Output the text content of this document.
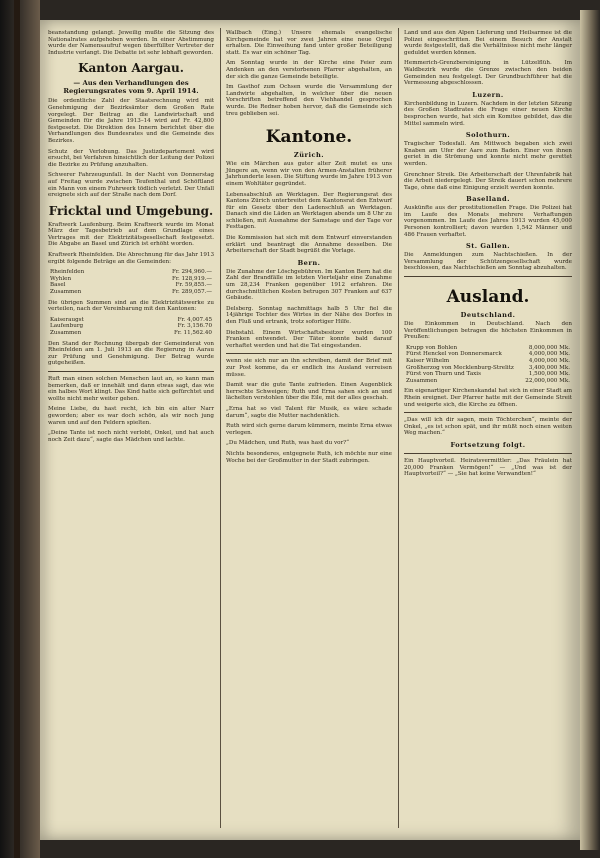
beanstandung gelangt. Jeweilig mußte die Sitzung des Nationalrates aufgehoben werden. In einer Abstimmung wurde der Namensaufruf wegen überfüllter Vertreter der Industrie verlangt. Die Debatte ist sehr lebhaft geworden.

Kanton Aargau.
— Aus den Verhandlungen des Regierungsrates vom 9. April 1914.

Die ordentliche Zahl der Staatsrechnung wird mit Genehmigung der Bezirksämter dem Großen Rate vorgelegt. Der Beitrag an die Landwirtschaft und Gemeinden für die Jahre 1913–14 wird auf Fr. 42,800 festgesetzt. Die Direktion des Innern berichtet über die Verhandlungen des Bundesrates und die Gemeinde des Bezirkes.

Schutz der Verlobung. Das Justizdepartement wird ersucht, bei Verfahren hinsichtlich der Leitung der Polizei die Bezirke zu Prüfung anzuhalten.

Schwerer Fahrzeugunfall. In der Nacht von Donnerstag auf Freitag wurde zwischen Teufenthal und Schöftland ein Mann von einem Fuhrwerk tödlich verletzt. Der Unfall ereignete sich auf der Straße nach dem Dorf.

Fricktal und Umgebung.

Kraftwerk Laufenburg. Beim Kraftwerk wurde im Monat März der Tagesbetrieb auf dem Grundlage eines Vertrages mit der Elektrizitätsgesellschaft festgesetzt. Die Abgabe an Basel und Zürich ist erhöht worden.

Kraftwerk Rheinfelden. Die Abrechnung für das Jahr 1913 ergibt folgende Beträge an die Gemeinden:

Rheinfelden	Fr. 294,960.—
Wyhlen	Fr. 128,919.—
Basel	Fr. 59,855.—
Zusammen	Fr. 289,057.—

Die übrigen Summen sind an die Elektrizitätswerke zu verteilen, nach der Vereinbarung mit den Kantonen:

Kaiseraugst	Fr. 4,007.45
Laufenburg	Fr. 3,156.70
Zusammen	Fr. 11,562.40

Den Stand der Rechnung übergab der Gemeinderat von Rheinfelden am 1. Juli 1913 an die Regierung in Aarau zur Prüfung und Genehmigung. Der Betrag wurde gutgeheißen.

Ruft man einen solchen Menschen laut an, so kann man bemerken, daß er innehält und dann etwas sagt, das wie ein halbes Wort klingt. Das Kind hatte sich gefürchtet und wollte nicht mehr weiter gehen.

Meine Liebe, du hast recht, ich bin ein alter Narr geworden; aber es war doch schön, als wir noch jung waren und auf den Feldern spielten.

„Deine Tante ist noch nicht verlobt, Onkel, und hat auch noch Zeit dazu“, sagte das Mädchen und lachte.

Wallbach (Eing.) Unsere ehemals evangelische Kirchgemeinde hat vor zwei Jahren eine neue Orgel erhalten. Die Einweihung fand unter großer Beteiligung statt. Es war ein schöner Tag.

Am Sonntag wurde in der Kirche eine Feier zum Andenken an den verstorbenen Pfarrer abgehalten, an der sich die ganze Gemeinde beteiligte.

Im Gasthof zum Ochsen wurde die Versammlung der Landwirte abgehalten, in welcher über die neuen Vorschriften betreffend den Viehhandel gesprochen wurde. Die Redner hoben hervor, daß die Gemeinde sich treu geblieben sei.

Kantone.
Zürich.

Wie ein Märchen aus guter alter Zeit mutet es uns Jüngere an, wenn wir von den Armen-Anstalten früherer Jahrhunderte lesen. Die Stiftung wurde im Jahre 1913 von einem Wohltäter gegründet.

Lebensabschluß an Werktagen. Der Regierungsrat des Kantons Zürich unterbreitet dem Kantonsrat den Entwurf für ein Gesetz über den Ladenschluß an Werktagen. Danach sind die Läden an Werktagen abends um 8 Uhr zu schließen, mit Ausnahme der Samstage und der Tage vor Festtagen.

Die Kommission hat sich mit dem Entwurf einverstanden erklärt und beantragt die Annahme desselben. Die Arbeiterschaft der Stadt begrüßt die Vorlage.

Bern.

Die Zunahme der Löschgebühren. Im Kanton Bern hat die Zahl der Brandfälle im letzten Vierteljahr eine Zunahme um 28,234 Franken gegenüber 1912 erfahren. Die durchschnittlichen Kosten betrugen 307 Franken auf 637 Gebäude.

Delsberg. Sonntag nachmittags halb 5 Uhr fiel die 14jährige Tochter des Wirtes in der Nähe des Dorfes in den Fluß und ertrank, trotz sofortiger Hilfe.

Diebstahl. Einem Wirtschaftsbesitzer wurden 100 Franken entwendet. Der Täter konnte bald darauf verhaftet werden und hat die Tat eingestanden.

wenn sie sich nur an ihn schreiben, damit der Brief mit zur Post komme, da er endlich ins Ausland verreisen müsse.

Damit war die gute Tante zufrieden. Einen Augenblick herrschte Schweigen; Ruth und Erna sahen sich an und lächelten verstohlen über die Eile, mit der alles geschah.

„Erna hat so viel Talent für Musik, es wäre schade darum“, sagte die Mutter nachdenklich.

Ruth wird sich gerne darum kümmern, meinte Erna etwas verlegen.

„Du Mädchen, und Ruth, was hast du vor?“

Nichts besonderes, entgegnete Ruth, ich möchte nur eine Woche bei der Großmutter in der Stadt zubringen.

Land und aus den Alpen Lieferung und Heilsarmee ist die Polizei eingeschritten. Bei einem Besuch der Anstalt wurde festgestellt, daß die Verhältnisse nicht mehr länger geduldet werden können.

Hemmerich-Grenzbereinigung in Lützelflüh. Im Waldbezirk wurde die Grenze zwischen den beiden Gemeinden neu festgelegt. Der Grundbuchführer hat die Vermessung abgeschlossen.

Luzern.

Kirchenbildung in Luzern. Nachdem in der letzten Sitzung des Großen Stadtrates die Frage einer neuen Kirche besprochen wurde, hat sich ein Komitee gebildet, das die Mittel sammeln wird.

Solothurn.

Tragischer Todesfall. Am Mittwoch begaben sich zwei Knaben am Ufer der Aare zum Baden. Einer von ihnen geriet in die Strömung und konnte nicht mehr gerettet werden.

Grenchner Streik. Die Arbeiterschaft der Uhrenfabrik hat die Arbeit niedergelegt. Der Streik dauert schon mehrere Tage, ohne daß eine Einigung erzielt werden konnte.

Baselland.

Auskünfte aus der prostitutionellen Frage. Die Polizei hat im Laufe des Monats mehrere Verhaftungen vorgenommen. Im Laufe des Jahres 1913 wurden 45,000 Personen kontrolliert; davon wurden 1,542 Männer und 486 Frauen verhaftet.

St. Gallen.

Die Anmeldungen zum Nachtschießen. In der Versammlung der Schützengesellschaft wurde beschlossen, das Nachtschießen am Sonntag abzuhalten.

Ausland.
Deutschland.

Die Einkommen in Deutschland. Nach den Veröffentlichungen betragen die höchsten Einkommen in Preußen:

Krupp von Bohlen	8,000,000 Mk.
Fürst Henckel von Donnersmarck	4,000,000 Mk.
Kaiser Wilhelm	4,000,000 Mk.
Großherzog von Mecklenburg-Strelitz	3,400,000 Mk.
Fürst von Thurn und Taxis	1,500,000 Mk.
Zusammen	22,000,000 Mk.

Ein eigenartiger Kirchenskandal hat sich in einer Stadt am Rhein ereignet. Der Pfarrer hatte mit der Gemeinde Streit und weigerte sich, die Kirche zu öffnen.

„Das will ich dir sagen, mein Töchterchen“, meinte der Onkel, „es ist schon spät, und ihr müßt noch einen weiten Weg machen.“

Fortsetzung folgt.

Ein Hauptvorteil. Heiratsvermittler: „Das Fräulein hat 20,000 Franken Vermögen!“ — „Und was ist der Hauptvorteil?“ — „Sie hat keine Verwandten!“
